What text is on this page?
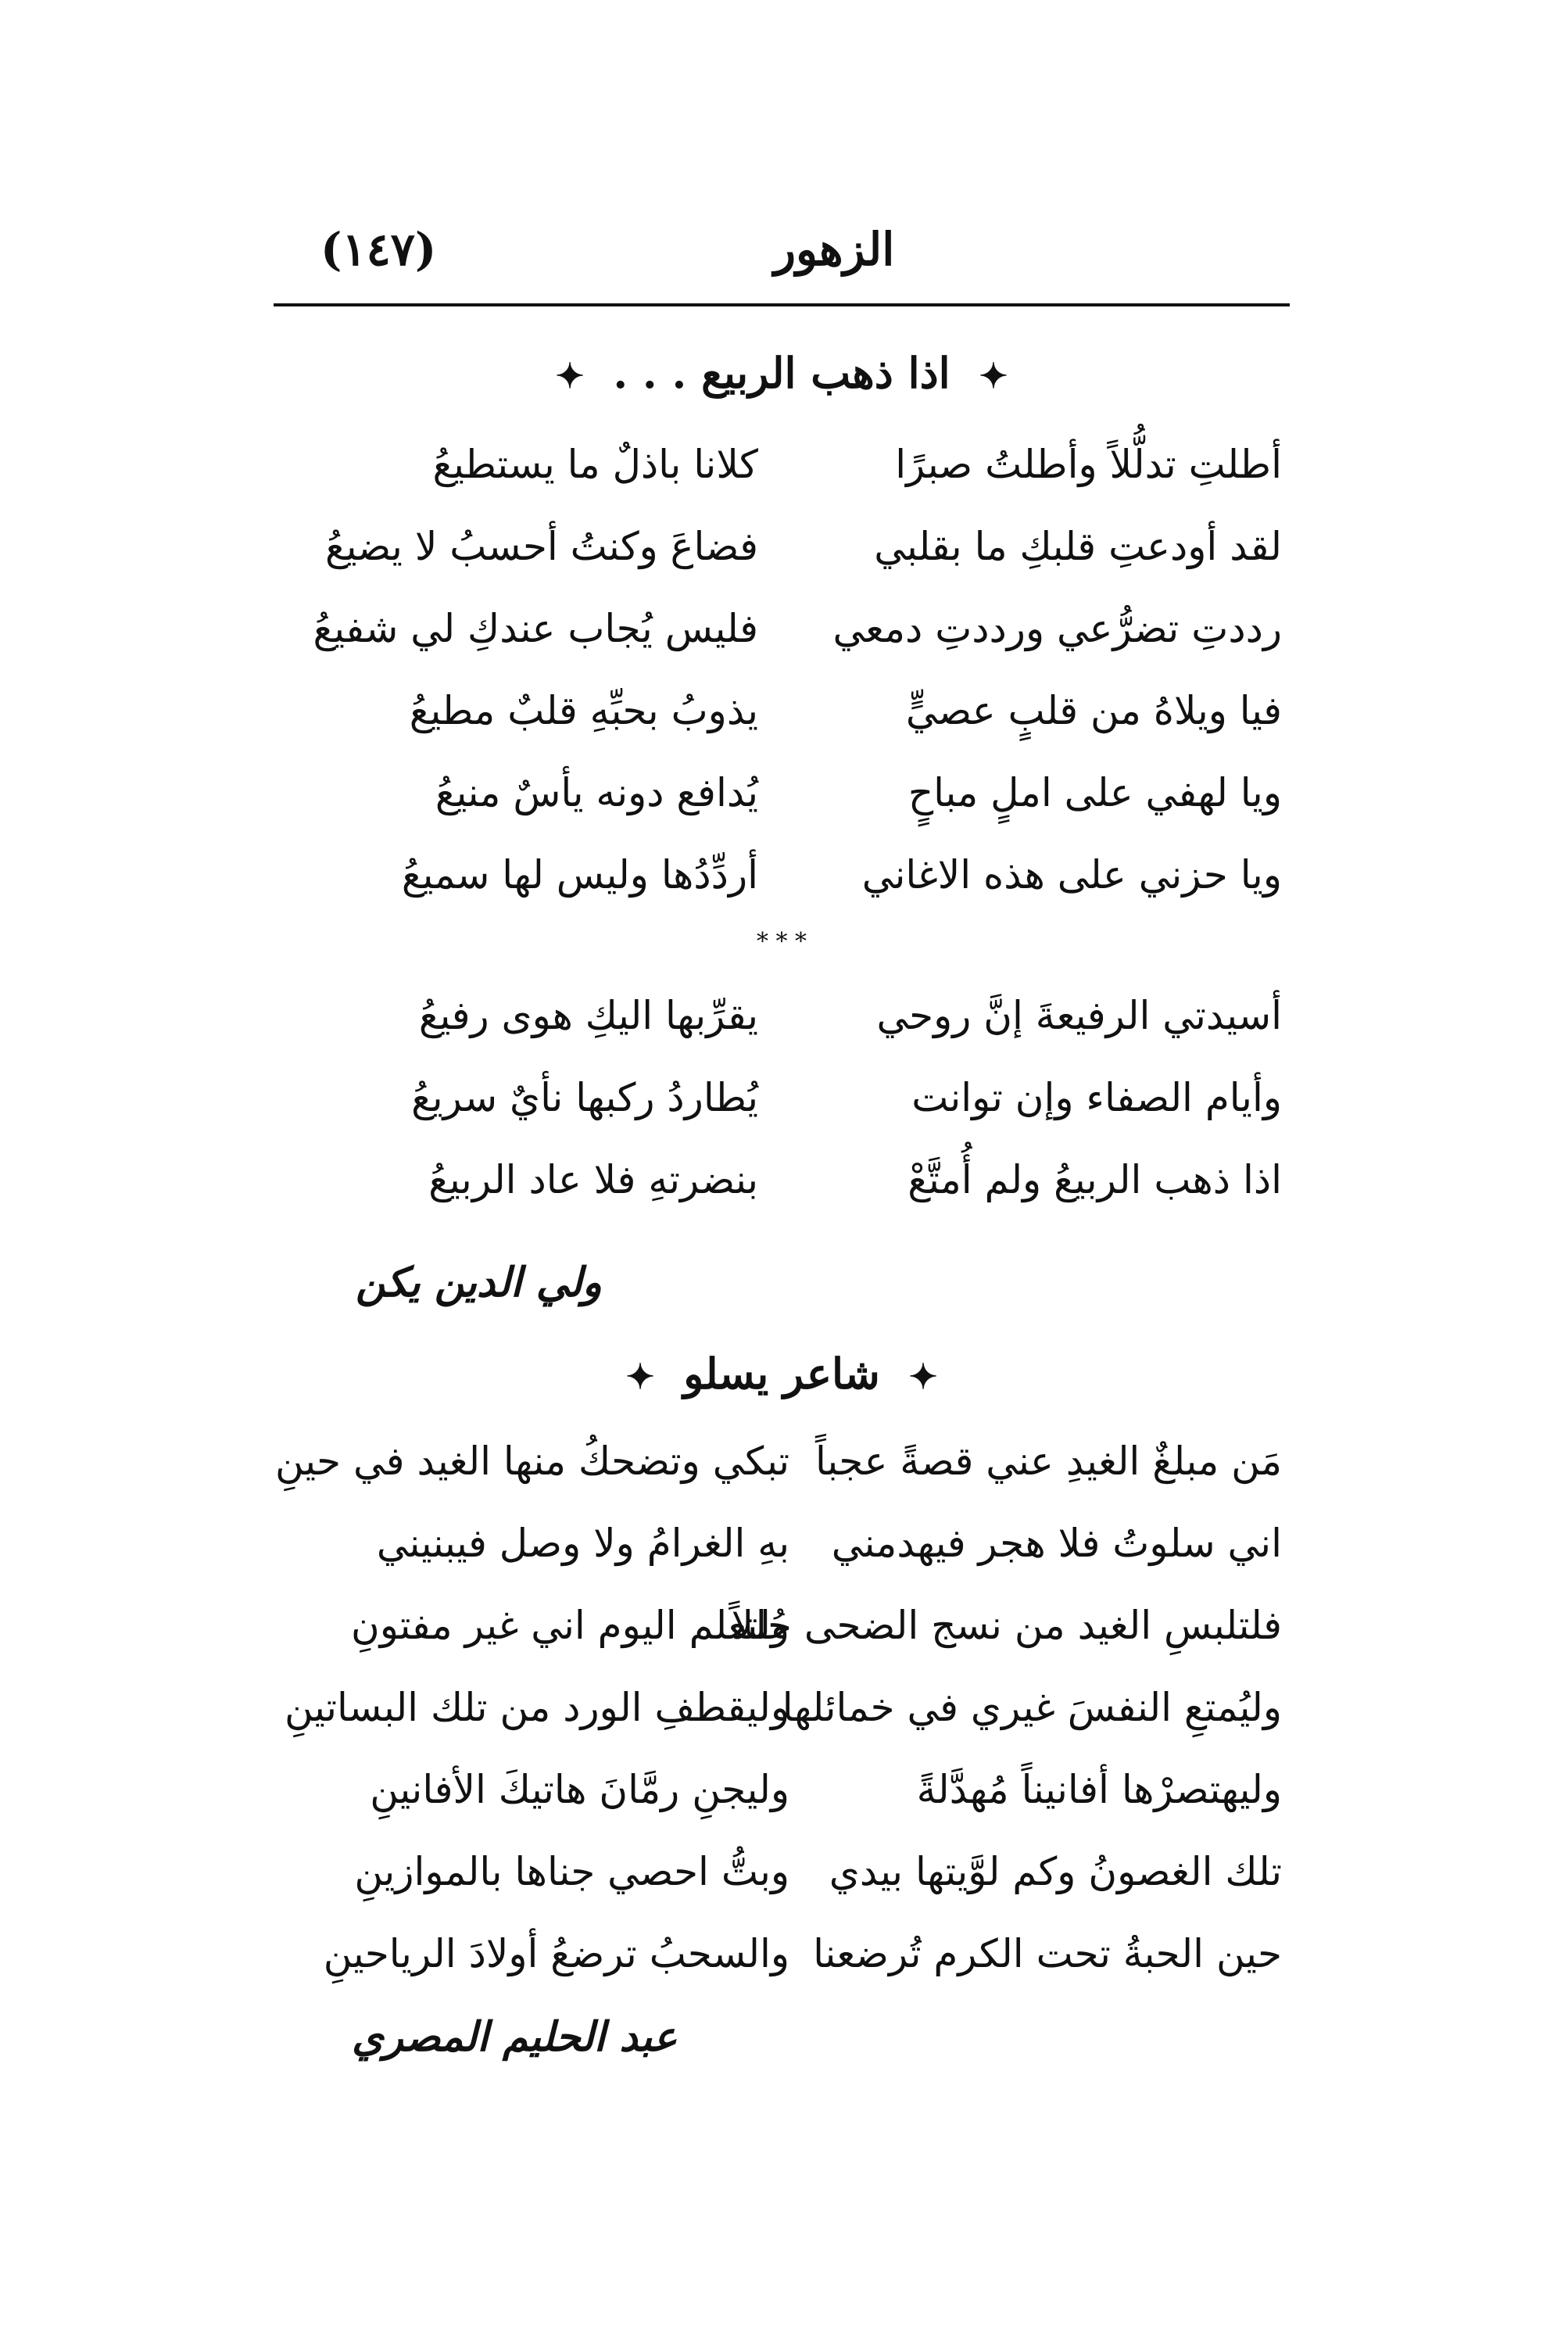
(١٤٧)	الزهور
✦ اذا ذهب الربيع . . . ✦
أطلتِ تدلُّلاً وأطلتُ صبرًا
كلانا باذلٌ ما يستطيعُ
لقد أودعتِ قلبكِ ما بقلبي
فضاعَ وكنتُ أحسبُ لا يضيعُ
رددتِ تضرُّعي ورددتِ دمعي
فليس يُجاب عندكِ لي شفيعُ
فيا ويلاهُ من قلبٍ عصيٍّ
يذوبُ بحبِّهِ قلبٌ مطيعُ
ويا لهفي على املٍ مباحٍ
يُدافع دونه يأسٌ منيعُ
ويا حزني على هذه الاغاني
أردِّدُها وليس لها سميعُ
* * *
أسيدتي الرفيعةَ إنَّ روحي
يقرِّبها اليكِ هوى رفيعُ
وأيام الصفاء وإن توانت
يُطاردُ ركبها نأيٌ سريعُ
اذا ذهب الربيعُ ولم أُمتَّعْ
بنضرتهِ فلا عاد الربيعُ
ولي الدين يكن
✦ شاعر يسلو ✦
مَن مبلغٌ الغيدِ عني قصةً عجباً
تبكي وتضحكُ منها الغيد في حينِ
اني سلوتُ فلا هجر فيهدمني
بهِ الغرامُ ولا وصل فيبنيني
فلتلبسِ الغيد من نسج الضحى حُللاً
ولتعلم اليوم اني غير مفتونِ
وليُمتعِ النفسَ غيري في خمائلها
وليقطفِ الورد من تلك البساتينِ
وليهتصرْها أفانيناً مُهدَّلةً
وليجنِ رمَّانَ هاتيكَ الأفانينِ
تلك الغصونُ وكم لوَّيتها بيدي
وبتُّ احصي جناها بالموازينِ
حين الحبةُ تحت الكرم تُرضعنا
والسحبُ ترضعُ أولادَ الرياحينِ
عبد الحليم المصري
